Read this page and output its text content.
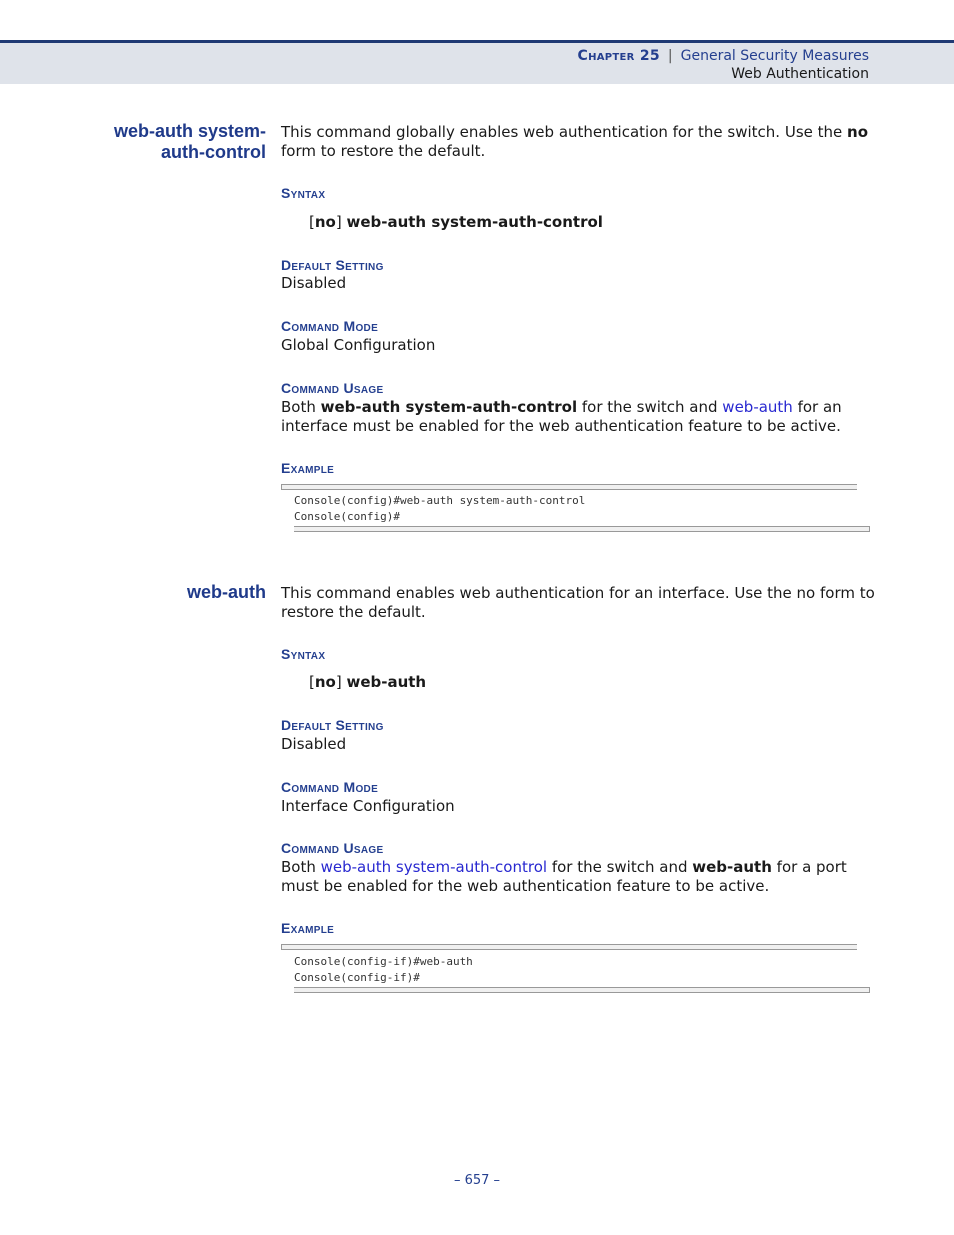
Chapter 25 | General Security Measures
Web Authentication
web-auth system-
auth-control
This command globally enables web authentication for the switch. Use the no form to restore the default.
Syntax
[no] web-auth system-auth-control
Default Setting
Disabled
Command Mode
Global Configuration
Command Usage
Both web-auth system-auth-control for the switch and web-auth for an interface must be enabled for the web authentication feature to be active.
Example
Console(config)#web-auth system-auth-control
Console(config)#
web-auth This command enables web authentication for an interface. Use the no form to restore the default.
Syntax
[no] web-auth
Default Setting
Disabled
Command Mode
Interface Configuration
Command Usage
Both web-auth system-auth-control for the switch and web-auth for a port must be enabled for the web authentication feature to be active.
Example
Console(config-if)#web-auth
Console(config-if)#
– 657 –
